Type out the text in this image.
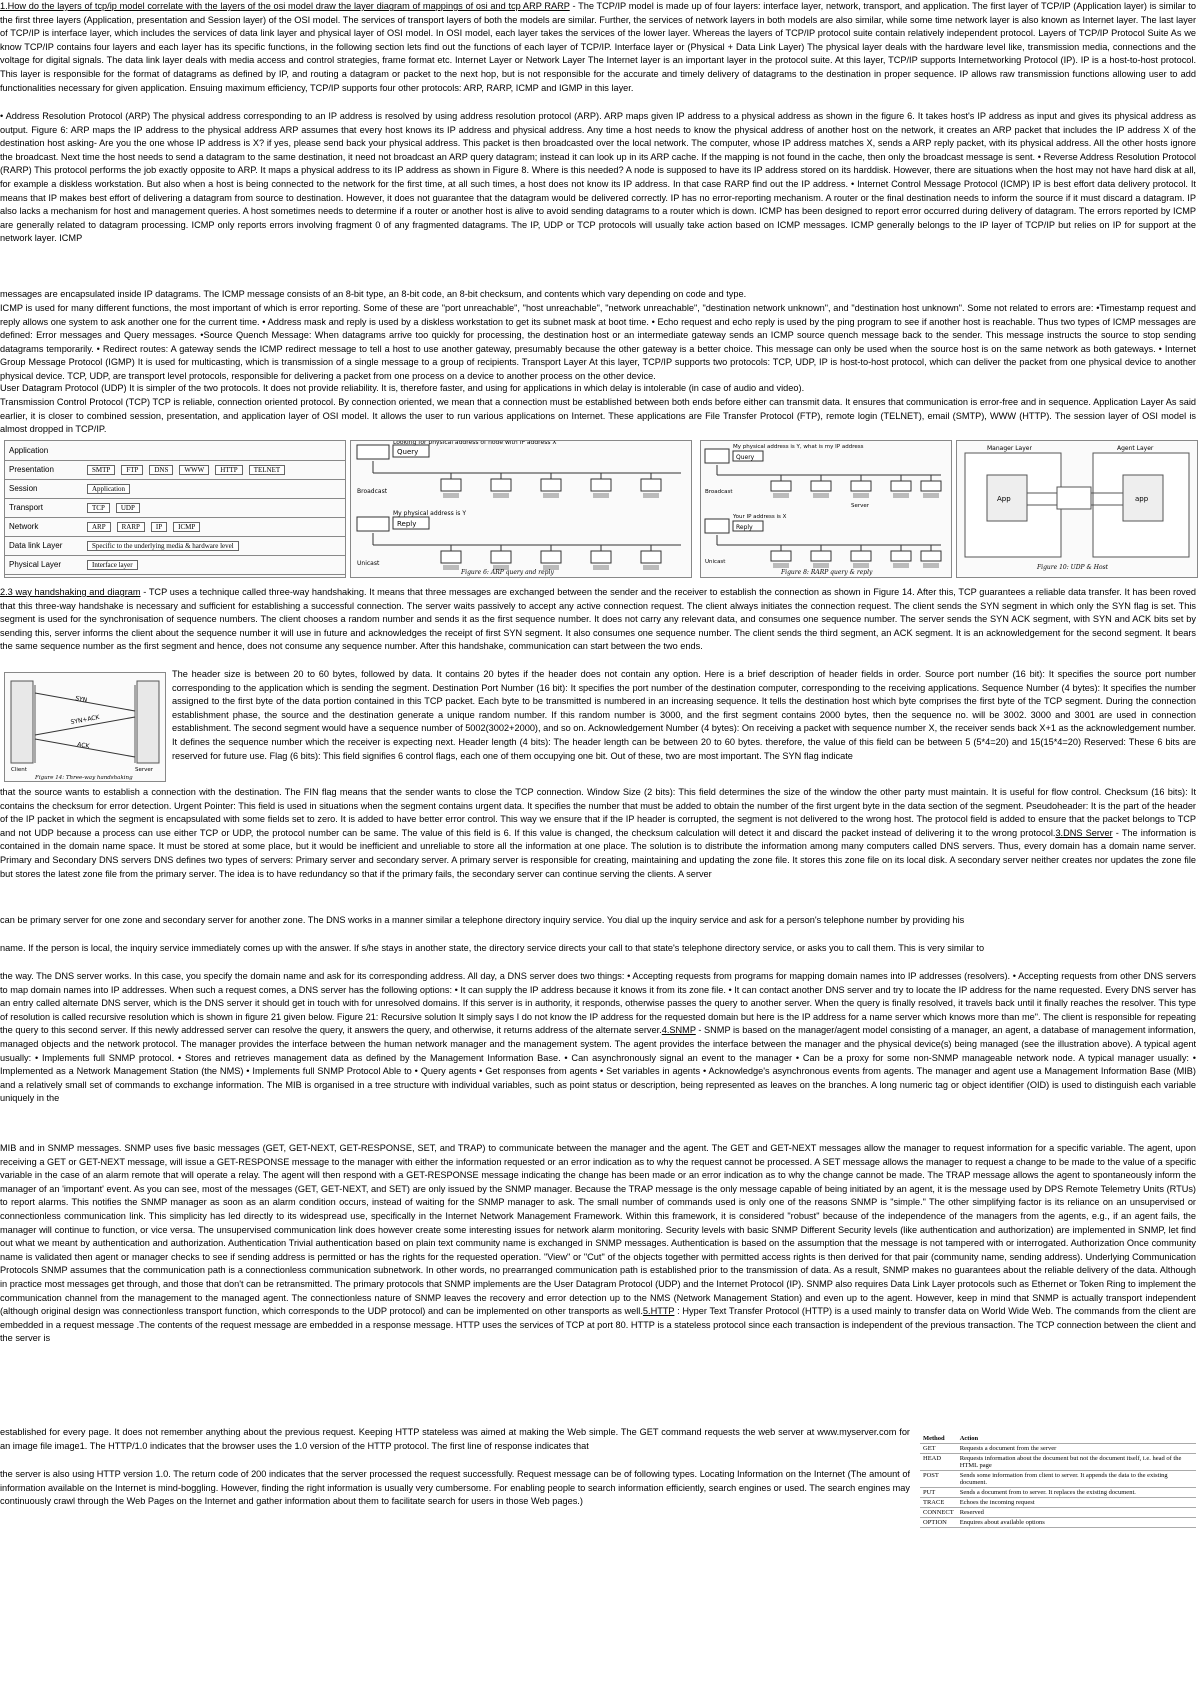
1.How do the layers of tcp/ip model correlate with the layers of the osi model draw the layer diagram of mappings of osi and tcp ARP RARP - The TCP/IP model is made up of four layers: interface layer, network, transport, and application. The first layer of TCP/IP (Application layer) is similar to the first three layers (Application, presentation and Session layer) of the OSI model. The services of transport layers of both the models are similar. Further, the services of network layers in both models are also similar, while some time network layer is also known as Internet layer. The last layer of TCP/IP is interface layer, which includes the services of data link layer and physical layer of OSI model. In OSI model, each layer takes the services of the lower layer. Whereas the layers of TCP/IP protocol suite contain relatively independent protocol. Layers of TCP/IP Protocol Suite As we know TCP/IP contains four layers and each layer has its specific functions, in the following section lets find out the functions of each layer of TCP/IP. Interface layer or (Physical + Data Link Layer) The physical layer deals with the hardware level like, transmission media, connections and the voltage for digital signals. The data link layer deals with media access and control strategies, frame format etc. Internet Layer or Network Layer The Internet layer is an important layer in the protocol suite. At this layer, TCP/IP supports Internetworking Protocol (IP). IP is a host-to-host protocol. This layer is responsible for the format of datagrams as defined by IP, and routing a datagram or packet to the next hop, but is not responsible for the accurate and timely delivery of datagrams to the destination in proper sequence. IP allows raw transmission functions allowing user to add functionalities necessary for given application. Ensuing maximum efficiency, TCP/IP supports four other protocols: ARP, RARP, ICMP and IGMP in this layer.

• Address Resolution Protocol (ARP) The physical address corresponding to an IP address is resolved by using address resolution protocol (ARP). ARP maps given IP address to a physical address as shown in the figure 6. It takes host's IP address as input and gives its physical address as output. Figure 6: ARP maps the IP address to the physical address ARP assumes that every host knows its IP address and physical address. Any time a host needs to know the physical address of another host on the network, it creates an ARP packet that includes the IP address X of the destination host asking- Are you the one whose IP address is X? if yes, please send back your physical address. This packet is then broadcasted over the local network. The computer, whose IP address matches X, sends a ARP reply packet, with its physical address. All the other hosts ignore the broadcast. Next time the host needs to send a datagram to the same destination, it need not broadcast an ARP query datagram; instead it can look up in its ARP cache. If the mapping is not found in the cache, then only the broadcast message is sent. • Reverse Address Resolution Protocol (RARP) This protocol performs the job exactly opposite to ARP. It maps a physical address to its IP address as shown in Figure 8. Where is this needed? A node is supposed to have its IP address stored on its harddisk. However, there are situations when the host may not have hard disk at all, for example a diskless workstation. But also when a host is being connected to the network for the first time, at all such times, a host does not know its IP address. In that case RARP find out the IP address. • Internet Control Message Protocol (ICMP) IP is best effort data delivery protocol. It means that IP makes best effort of delivering a datagram from source to destination. However, it does not guarantee that the datagram would be delivered correctly. IP has no error-reporting mechanism. A router or the final destination needs to inform the source if it must discard a datagram. IP also lacks a mechanism for host and management queries. A host sometimes needs to determine if a router or another host is alive to avoid sending datagrams to a router which is down. ICMP has been designed to report error occurred during delivery of datagram. The errors reported by ICMP are generally related to datagram processing. ICMP only reports errors involving fragment 0 of any fragmented datagrams. The IP, UDP or TCP protocols will usually take action based on ICMP messages. ICMP generally belongs to the IP layer of TCP/IP but relies on IP for support at the network layer. ICMP

messages are encapsulated inside IP datagrams. The ICMP message consists of an 8-bit type, an 8-bit code, an 8-bit checksum, and contents which vary depending on code and type.

ICMP is used for many different functions, the most important of which is error reporting. Some of these are "port unreachable", "host unreachable", "network unreachable", "destination network unknown", and "destination host unknown". Some not related to errors are: •Timestamp request and reply allows one system to ask another one for the current time. • Address mask and reply is used by a diskless workstation to get its subnet mask at boot time. • Echo request and echo reply is used by the ping program to see if another host is reachable. Thus two types of ICMP messages are defined: Error messages and Query messages. •Source Quench Message: When datagrams arrive too quickly for processing, the destination host or an intermediate gateway sends an ICMP source quench message back to the sender. This message instructs the source to stop sending datagrams temporarily. • Redirect routes: A gateway sends the ICMP redirect message to tell a host to use another gateway, presumably because the other gateway is a better choice. This message can only be used when the source host is on the same network as both gateways. • Internet Group Message Protocol (IGMP) It is used for multicasting, which is transmission of a single message to a group of recipients. Transport Layer At this layer, TCP/IP supports two protocols: TCP, UDP, IP is host-to-host protocol, which can deliver the packet from one physical device to another physical device. TCP, UDP, are transport level protocols, responsible for delivering a packet from one process on a device to another process on the other device.

User Datagram Protocol (UDP) It is simpler of the two protocols. It does not provide reliability. It is, therefore faster, and using for applications in which delay is intolerable (in case of audio and video).

Transmission Control Protocol (TCP) TCP is reliable, connection oriented protocol. By connection oriented, we mean that a connection must be established between both ends before either can transmit data. It ensures that communication is error-free and in sequence. Application Layer As said earlier, it is closer to combined session, presentation, and application layer of OSI model. It allows the user to run various applications on Internet. These applications are File Transfer Protocol (FTP), remote login (TELNET), email (SMTP), WWW (HTTP). The session layer of OSI model is almost dropped in TCP/IP.

Application
Presentation	SMTP	FTP	DNS	WWW	HTTP	TELNET
Session	Application
Transport	TCP	UDP
Network	ARP	RARP	IP	ICMP
Data link Layer	Specific to the underlying media & hardware level
Physical Layer	Interface layer
Query
Looking for physical address of node with IP address X
Broadcast
Reply
My physical address is Y
Unicast
Figure 6: ARP query and reply
Query
My physical address is Y, what is my IP address
Broadcast
Server
Reply
Your IP address is X
Unicast
Figure 8: RARP query & reply
Manager Layer	Agent Layer
App	app
Figure 10: UDP & Host

2.3 way handshaking and diagram - TCP uses a technique called three-way handshaking. It means that three messages are exchanged between the sender and the receiver to establish the connection as shown in Figure 14. After this, TCP guarantees a reliable data transfer. It has been roved that this three-way handshake is necessary and sufficient for establishing a successful connection. The server waits passively to accept any active connection request. The client always initiates the connection request. The client sends the SYN segment in which only the SYN flag is set. This segment is used for the synchronisation of sequence numbers. The client chooses a random number and sends it as the first sequence number. It does not carry any relevant data, and consumes one sequence number. The server sends the SYN ACK segment, with SYN and ACK bits set by sending this, server informs the client about the sequence number it will use in future and acknowledges the receipt of first SYN segment. It also consumes one sequence number. The client sends the third segment, an ACK segment. It is an acknowledgement for the second segment. It bears the same sequence number as the first segment and hence, does not consume any sequence number. After this handshake, communication can start between the two ends.

SYN
SYN+ACK
ACK
Client	Server
Figure 14: Three-way handshaking

The header size is between 20 to 60 bytes, followed by data. It contains 20 bytes if the header does not contain any option. Here is a brief description of header fields in order. Source port number (16 bit): It specifies the source port number corresponding to the application which is sending the segment. Destination Port Number (16 bit): It specifies the port number of the destination computer, corresponding to the receiving applications. Sequence Number (4 bytes): It specifies the number assigned to the first byte of the data portion contained in this TCP packet. Each byte to be transmitted is numbered in an increasing sequence. It tells the destination host which byte comprises the first byte of the TCP segment. During the connection establishment phase, the source and the destination generate a unique random number. If this random number is 3000, and the first segment contains 2000 bytes, then the sequence no. will be 3002. 3000 and 3001 are used in connection establishment. The second segment would have a sequence number of 5002(3002+2000), and so on. Acknowledgement Number (4 bytes): On receiving a packet with sequence number X, the receiver sends back X+1 as the acknowledgement number. It defines the sequence number which the receiver is expecting next. Header length (4 bits): The header length can be between 20 to 60 bytes. therefore, the value of this field can be between 5 (5*4=20) and 15(15*4=20) Reserved: These 6 bits are reserved for future use. Flag (6 bits): This field signifies 6 control flags, each one of them occupying one bit. Out of these, two are most important. The SYN flag indicate

that the source wants to establish a connection with the destination. The FIN flag means that the sender wants to close the TCP connection. Window Size (2 bits): This field determines the size of the window the other party must maintain. It is useful for flow control. Checksum (16 bits): It contains the checksum for error detection. Urgent Pointer: This field is used in situations when the segment contains urgent data. It specifies the number that must be added to obtain the number of the first urgent byte in the data section of the segment. Pseudoheader: It is the part of the header of the IP packet in which the segment is encapsulated with some fields set to zero. It is added to have better error control. This way we ensure that if the IP header is corrupted, the segment is not delivered to the wrong host. The protocol field is added to ensure that the packet belongs to TCP and not UDP because a process can use either TCP or UDP, the protocol number can be same. The value of this field is 6. If this value is changed, the checksum calculation will detect it and discard the packet instead of delivering it to the wrong protocol.3.DNS Server - The information is contained in the domain name space. It must be stored at some place, but it would be inefficient and unreliable to store all the information at one place. The solution is to distribute the information among many computers called DNS servers. Thus, every domain has a domain name server. Primary and Secondary DNS servers DNS defines two types of servers: Primary server and secondary server. A primary server is responsible for creating, maintaining and updating the zone file. It stores this zone file on its local disk. A secondary server neither creates nor updates the zone file but stores the latest zone file from the primary server. The idea is to have redundancy so that if the primary fails, the secondary server can continue serving the clients. A server

can be primary server for one zone and secondary server for another zone. The DNS works in a manner similar a telephone directory inquiry service. You dial up the inquiry service and ask for a person's telephone number by providing his

name. If the person is local, the inquiry service immediately comes up with the answer. If s/he stays in another state, the directory service directs your call to that state's telephone directory service, or asks you to call them. This is very similar to

the way. The DNS server works. In this case, you specify the domain name and ask for its corresponding address. All day, a DNS server does two things: • Accepting requests from programs for mapping domain names into IP addresses (resolvers). • Accepting requests from other DNS servers to map domain names into IP addresses. When such a request comes, a DNS server has the following options: • It can supply the IP address because it knows it from its zone file. • It can contact another DNS server and try to locate the IP address for the name requested. Every DNS server has an entry called alternate DNS server, which is the DNS server it should get in touch with for unresolved domains. If this server is in authority, it responds, otherwise passes the query to another server. When the query is finally resolved, it travels back until it finally reaches the resolver. This type of resolution is called recursive resolution which is shown in figure 21 given below. Figure 21: Recursive solution It simply says I do not know the IP address for the requested domain but here is the IP address for a name server which knows more than me". The client is responsible for repeating the query to this second server. If this newly addressed server can resolve the query, it answers the query, and otherwise, it returns address of the alternate server.4.SNMP - SNMP is based on the manager/agent model consisting of a manager, an agent, a database of management information, managed objects and the network protocol. The manager provides the interface between the human network manager and the management system. The agent provides the interface between the manager and the physical device(s) being managed (see the illustration above). A typical agent usually: • Implements full SNMP protocol. • Stores and retrieves management data as defined by the Management Information Base. • Can asynchronously signal an event to the manager • Can be a proxy for some non-SNMP manageable network node. A typical manager usually: • Implemented as a Network Management Station (the NMS) • Implements full SNMP Protocol Able to • Query agents • Get responses from agents • Set variables in agents • Acknowledge's asynchronous events from agents. The manager and agent use a Management Information Base (MIB) and a relatively small set of commands to exchange information. The MIB is organised in a tree structure with individual variables, such as point status or description, being represented as leaves on the branches. A long numeric tag or object identifier (OID) is used to distinguish each variable uniquely in the

MIB and in SNMP messages. SNMP uses five basic messages (GET, GET-NEXT, GET-RESPONSE, SET, and TRAP) to communicate between the manager and the agent. The GET and GET-NEXT messages allow the manager to request information for a specific variable. The agent, upon receiving a GET or GET-NEXT message, will issue a GET-RESPONSE message to the manager with either the information requested or an error indication as to why the request cannot be processed. A SET message allows the manager to request a change to be made to the value of a specific variable in the case of an alarm remote that will operate a relay. The agent will then respond with a GET-RESPONSE message indicating the change has been made or an error indication as to why the change cannot be made. The TRAP message allows the agent to spontaneously inform the manager of an 'important' event. As you can see, most of the messages (GET, GET-NEXT, and SET) are only issued by the SNMP manager. Because the TRAP message is the only message capable of being initiated by an agent, it is the message used by DPS Remote Telemetry Units (RTUs) to report alarms. This notifies the SNMP manager as soon as an alarm condition occurs, instead of waiting for the SNMP manager to ask. The small number of commands used is only one of the reasons SNMP is "simple." The other simplifying factor is its reliance on an unsupervised or connectionless communication link. This simplicity has led directly to its widespread use, specifically in the Internet Network Management Framework. Within this framework, it is considered "robust" because of the independence of the managers from the agents, e.g., if an agent fails, the manager will continue to function, or vice versa. The unsupervised communication link does however create some interesting issues for network alarm monitoring. Security levels with basic SNMP Different Security levels (like authentication and authorization) are implemented in SNMP, let find out what we meant by authentication and authorization. Authentication Trivial authentication based on plain text community name is exchanged in SNMP messages. Authentication is based on the assumption that the message is not tampered with or interrogated. Authorization Once community name is validated then agent or manager checks to see if sending address is permitted or has the rights for the requested operation. "View" or "Cut" of the objects together with permitted access rights is then derived for that pair (community name, sending address). Underlying Communication Protocols SNMP assumes that the communication path is a connectionless communication subnetwork. In other words, no prearranged communication path is established prior to the transmission of data. As a result, SNMP makes no guarantees about the reliable delivery of the data. Although in practice most messages get through, and those that don't can be retransmitted. The primary protocols that SNMP implements are the User Datagram Protocol (UDP) and the Internet Protocol (IP). SNMP also requires Data Link Layer protocols such as Ethernet or Token Ring to implement the communication channel from the management to the managed agent. The connectionless nature of SNMP leaves the recovery and error detection up to the NMS (Network Management Station) and even up to the agent. However, keep in mind that SNMP is actually transport independent (although original design was connectionless transport function, which corresponds to the UDP protocol) and can be implemented on other transports as well.5.HTTP : Hyper Text Transfer Protocol (HTTP) is a used mainly to transfer data on World Wide Web. The commands from the client are embedded in a request message .The contents of the request message are embedded in a response message. HTTP uses the services of TCP at port 80. HTTP is a stateless protocol since each transaction is independent of the previous transaction. The TCP connection between the client and the server is

established for every page. It does not remember anything about the previous request. Keeping HTTP stateless was aimed at making the Web simple. The GET command requests the web server at www.myserver.com for an image file image1. The HTTP/1.0 indicates that the browser uses the 1.0 version of the HTTP protocol. The first line of response indicates that

the server is also using HTTP version 1.0. The return code of 200 indicates that the server processed the request successfully. Request message can be of following types. Locating Information on the Internet (The amount of information available on the Internet is mind-boggling. However, finding the right information is usually very cumbersome. For enabling people to search information efficiently, search engines or used. The search engines may continuously crawl through the Web Pages on the Internet and gather information about them to facilitate search for users in those Web pages.)

Method	Action
GET	Requests a document from the server
HEAD	Requests information about the document but not the document itself, i.e. head of the HTML page
POST	Sends some information from client to server. It appends the data to the existing document.
PUT	Sends a document from to server. It replaces the existing document.
TRACE	Echoes the incoming request
CONNECT	Reserved
OPTION	Enquires about available options
